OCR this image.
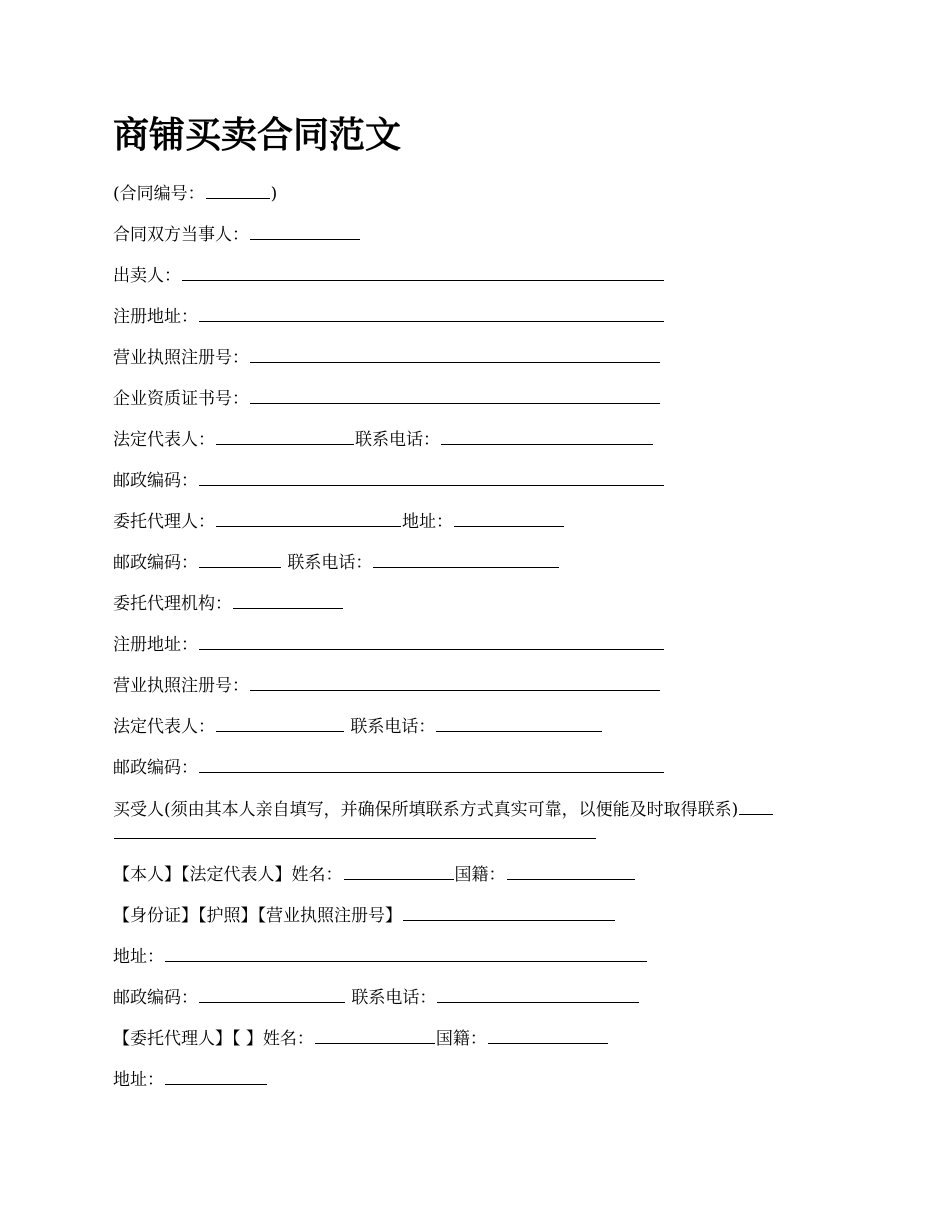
商铺买卖合同范文
(合同编号：	)
合同双方当事人：
出卖人：
注册地址：
营业执照注册号：
企业资质证书号：
法定代表人：	联系电话：
邮政编码：
委托代理人：	地址：
邮政编码：	联系电话：
委托代理机构：
注册地址：
营业执照注册号：
法定代表人：	联系电话：
邮政编码：
买受人(须由其本人亲自填写，并确保所填联系方式真实可靠，以便能及时取得联系)
【本人】【法定代表人】姓名：	国籍：
【身份证】【护照】【营业执照注册号】
地址：
邮政编码：	联系电话：
【委托代理人】【 】姓名：	国籍：
地址：
